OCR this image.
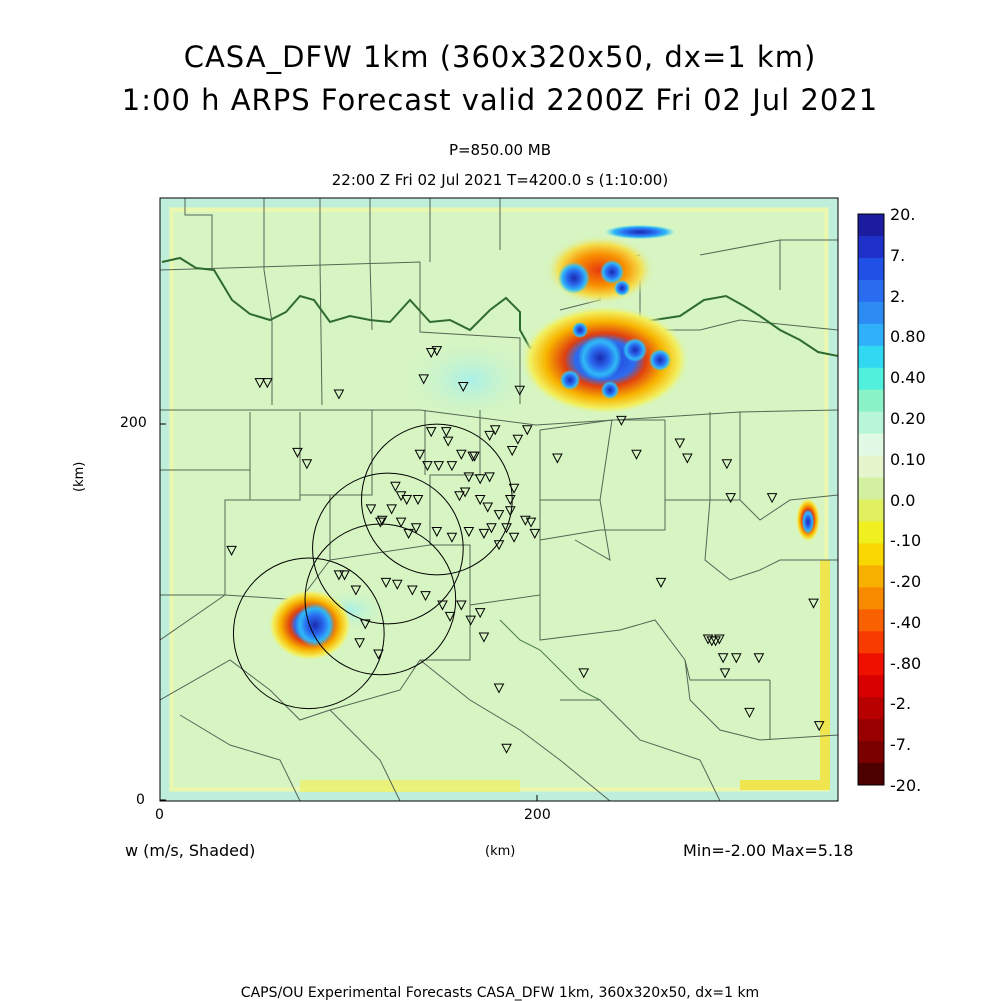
CASA_DFW 1km (360x320x50, dx=1 km)
1:00 h ARPS Forecast valid 2200Z Fri 02 Jul 2021
P=850.00 MB
22:00 Z Fri 02 Jul 2021 T=4200.0 s (1:10:00)
200
0
0	200
(km)
w (m/s, Shaded)	(km)	Min=-2.00 Max=5.18
CAPS/OU Experimental Forecasts CASA_DFW 1km, 360x320x50, dx=1 km
20.
7.
2.
0.80
0.40
0.20
0.10
0.0
-.10
-.20
-.40
-.80
-2.
-7.
-20.
